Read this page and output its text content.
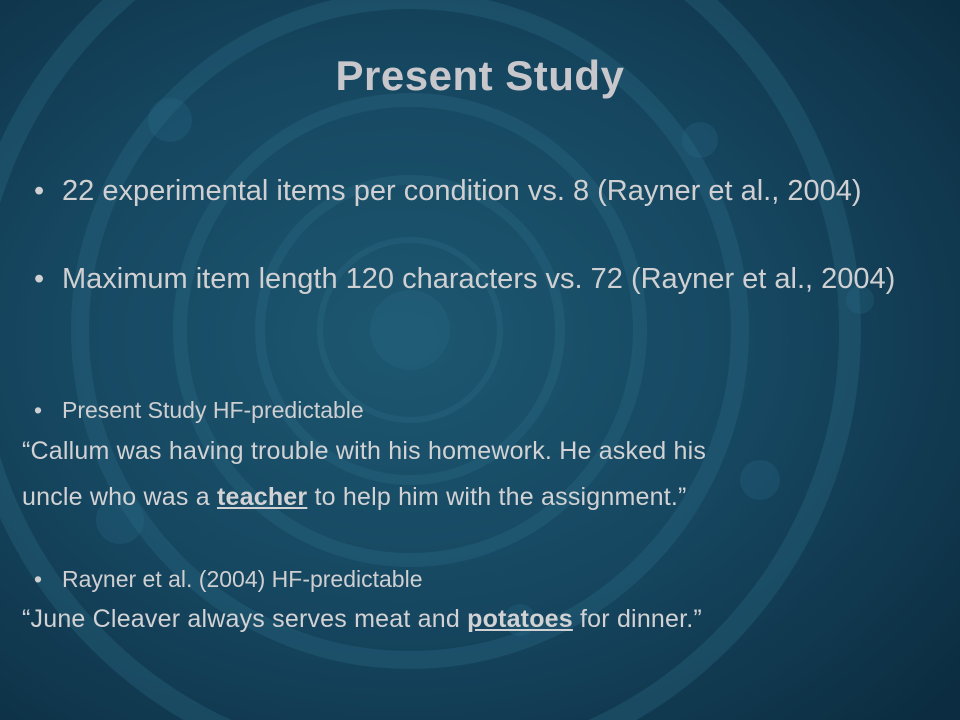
Present Study
• 22 experimental items per condition vs. 8 (Rayner et al., 2004)
• Maximum item length 120 characters vs. 72 (Rayner et al., 2004)
• Present Study HF-predictable
“Callum was having trouble with his homework. He asked his
uncle who was a teacher to help him with the assignment.”
• Rayner et al. (2004) HF-predictable
“June Cleaver always serves meat and potatoes for dinner.”
